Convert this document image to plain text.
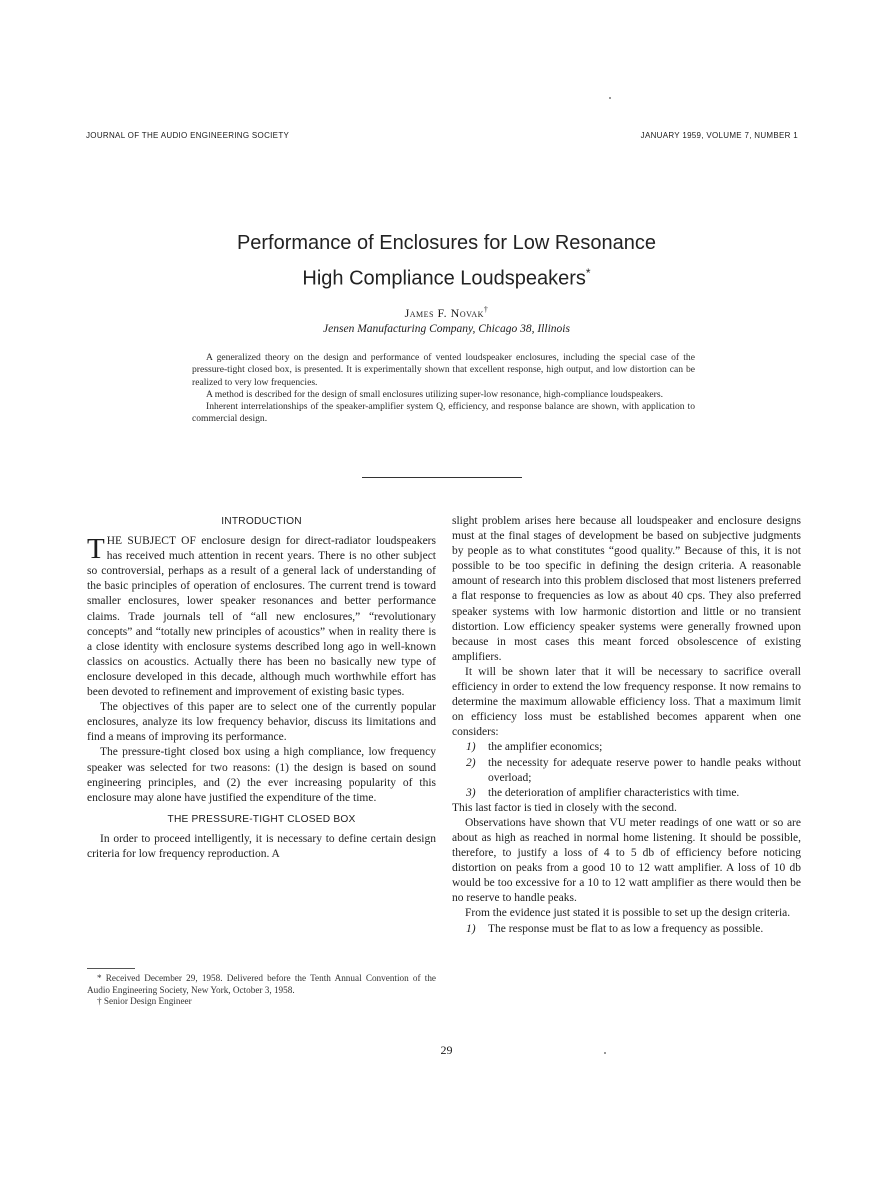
JOURNAL OF THE AUDIO ENGINEERING SOCIETY	JANUARY 1959, VOLUME 7, NUMBER 1
Performance of Enclosures for Low Resonance
High Compliance Loudspeakers*
James F. Novak†
Jensen Manufacturing Company, Chicago 38, Illinois

A generalized theory on the design and performance of vented loudspeaker enclosures, including the special case of the pressure-tight closed box, is presented. It is experimentally shown that excellent response, high output, and low distortion can be realized to very low frequencies.

A method is described for the design of small enclosures utilizing super-low resonance, high-compliance loudspeakers.

Inherent interrelationships of the speaker-amplifier system Q, efficiency, and response balance are shown, with application to commercial design.

INTRODUCTION

THE SUBJECT OF enclosure design for direct-radiator loudspeakers has received much attention in recent years. There is no other subject so controversial, perhaps as a result of a general lack of understanding of the basic principles of operation of enclosures. The current trend is toward smaller enclosures, lower speaker resonances and better performance claims. Trade journals tell of “all new enclosures,” “revolutionary concepts” and “totally new principles of acoustics” when in reality there is a close identity with enclosure systems described long ago in well-known classics on acoustics. Actually there has been no basically new type of enclosure developed in this decade, although much worthwhile effort has been devoted to refinement and improvement of existing basic types.

The objectives of this paper are to select one of the currently popular enclosures, analyze its low frequency behavior, discuss its limitations and find a means of improving its performance.

The pressure-tight closed box using a high compliance, low frequency speaker was selected for two reasons: (1) the design is based on sound engineering principles, and (2) the ever increasing popularity of this enclosure may alone have justified the expenditure of the time.

THE PRESSURE-TIGHT CLOSED BOX

In order to proceed intelligently, it is necessary to define certain design criteria for low frequency reproduction. A

* Received December 29, 1958. Delivered before the Tenth Annual Convention of the Audio Engineering Society, New York, October 3, 1958.

† Senior Design Engineer

slight problem arises here because all loudspeaker and enclosure designs must at the final stages of development be based on subjective judgments by people as to what constitutes “good quality.” Because of this, it is not possible to be too specific in defining the design criteria. A reasonable amount of research into this problem disclosed that most listeners preferred a flat response to frequencies as low as about 40 cps. They also preferred speaker systems with low harmonic distortion and little or no transient distortion. Low efficiency speaker systems were generally frowned upon because in most cases this meant forced obsolescence of existing amplifiers.

It will be shown later that it will be necessary to sacrifice overall efficiency in order to extend the low frequency response. It now remains to determine the maximum allowable efficiency loss. That a maximum limit on efficiency loss must be established becomes apparent when one considers:

1) the amplifier economics;
2) the necessity for adequate reserve power to handle peaks without overload;
3) the deterioration of amplifier characteristics with time.

This last factor is tied in closely with the second.

Observations have shown that VU meter readings of one watt or so are about as high as reached in normal home listening. It should be possible, therefore, to justify a loss of 4 to 5 db of efficiency before noticing distortion on peaks from a good 10 to 12 watt amplifier. A loss of 10 db would be too excessive for a 10 to 12 watt amplifier as there would then be no reserve to handle peaks.

From the evidence just stated it is possible to set up the design criteria.

1) The response must be flat to as low a frequency as possible.
29
